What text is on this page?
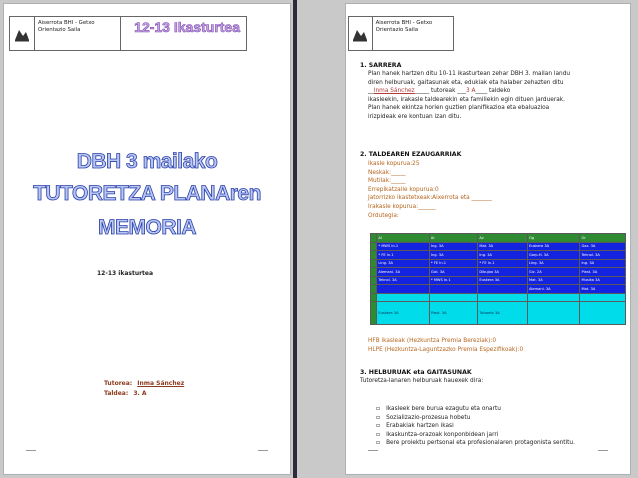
Aiserrota BHI - Getxo
Orientazio Saila	12-13 Ikasturtea
DBH 3 mailako
TUTORETZA PLANAren
MEMORIA
12-13 ikasturtea
Tutorea: Inma Sánchez
Taldea: 3. A
Aiserrota BHI - Getxo
Orientazio Saila
1. SARRERA
Plan hanek hartzen ditu 10-11 ikasturtean zehar DBH 3. mailan landu
diren helburuak, gaitasunak eta, edukiak eta halaber zehazten ditu
__Inma Sánchez_____ tutoreak ___3 A____ taldeko
ikasleekin, irakasle taldearekin eta familiekin egin dituen jarduerak.
Plan hanek ekintza horien guztien planifikazioa eta ebaluazioa
irizpideak ere kontuan izan ditu.
2. TALDEAREN EZAUGARRIAK
Ikasle kopurua:25
Neskak:_____
Mutilak:_____
Errepikatzaile kopurua:0
Jatorrizko ikastetxeak:Aixerrota eta _______
Irakasle kopurua:______
Ordutegia:
	Al	Ar	Az	Og	Or
	* MWS In.1	Ing. 3A	Mat. 3A	Euskera 3A	Gaz. 3A
	* FE In.1	Ing. 3A	Ing. 3A	Gorp.H. 3A	Teknol. 3A
	Ling. 3A	* FE In.1	* FE In.1	Ling. 3A	Ing. 3A
	Alemani. 3A	Gizi. 3A	Dibujoa 3A	Giz. 2A	Plast. 3A
	Teknol. 3A	* MWS In.1	Euskera 3A	Mat. 3A	Musika 3A
				Alemani. 3A	Mat. 3A

	Euskera 3A	Plast. 3A	Tutoretz 3A		
HFB ikasleak (Hezkuntza Premia Bereziak):0
HLPE (Hezkuntza-Laguntzazko Premia Espezifikoak):0
3. HELBURUAK eta GAITASUNAK
Tutoretza-lanaren helburuak hauexek dira:
▫ Ikasleek bere burua ezagutu eta onartu
▫ Sozializazio-prozesua hobetu
▫ Erabakiak hartzen ikasi
▫ Ikaskuntza-orazoak konponbidean jarri
▫ Bere proiektu pertsonal eta profesionalaren protagonista sentitu.
